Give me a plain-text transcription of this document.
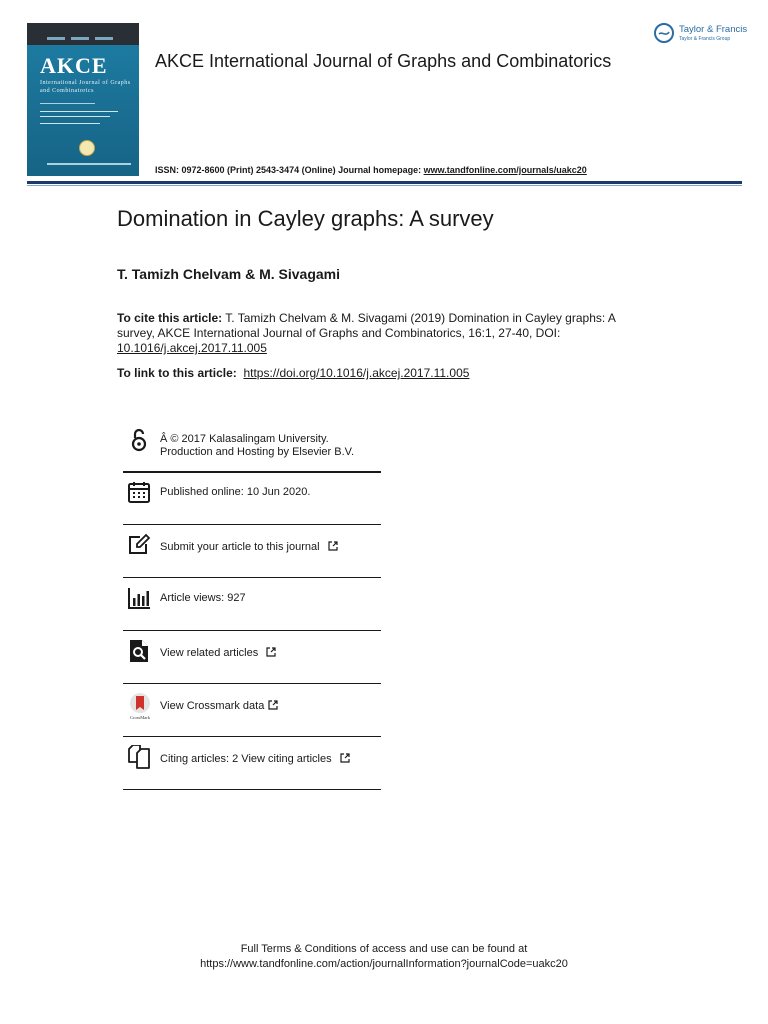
AKCE
International Journal of Graphs and Combinatorics
AKCE International Journal of Graphs and Combinatorics
ISSN: 0972-8600 (Print) 2543-3474 (Online) Journal homepage: www.tandfonline.com/journals/uakc20
Taylor & Francis
Taylor & Francis Group
Domination in Cayley graphs: A survey
T. Tamizh Chelvam & M. Sivagami
To cite this article: T. Tamizh Chelvam & M. Sivagami (2019) Domination in Cayley graphs: A survey, AKCE International Journal of Graphs and Combinatorics, 16:1, 27-40, DOI: 10.1016/j.akcej.2017.11.005
To link to this article: https://doi.org/10.1016/j.akcej.2017.11.005
Â © 2017 Kalasalingam University.
Production and Hosting by Elsevier B.V.
Published online: 10 Jun 2020.
Submit your article to this journal
Article views: 927
View related articles
CrossMark
View Crossmark data
Citing articles: 2 View citing articles
Full Terms & Conditions of access and use can be found at
https://www.tandfonline.com/action/journalInformation?journalCode=uakc20
